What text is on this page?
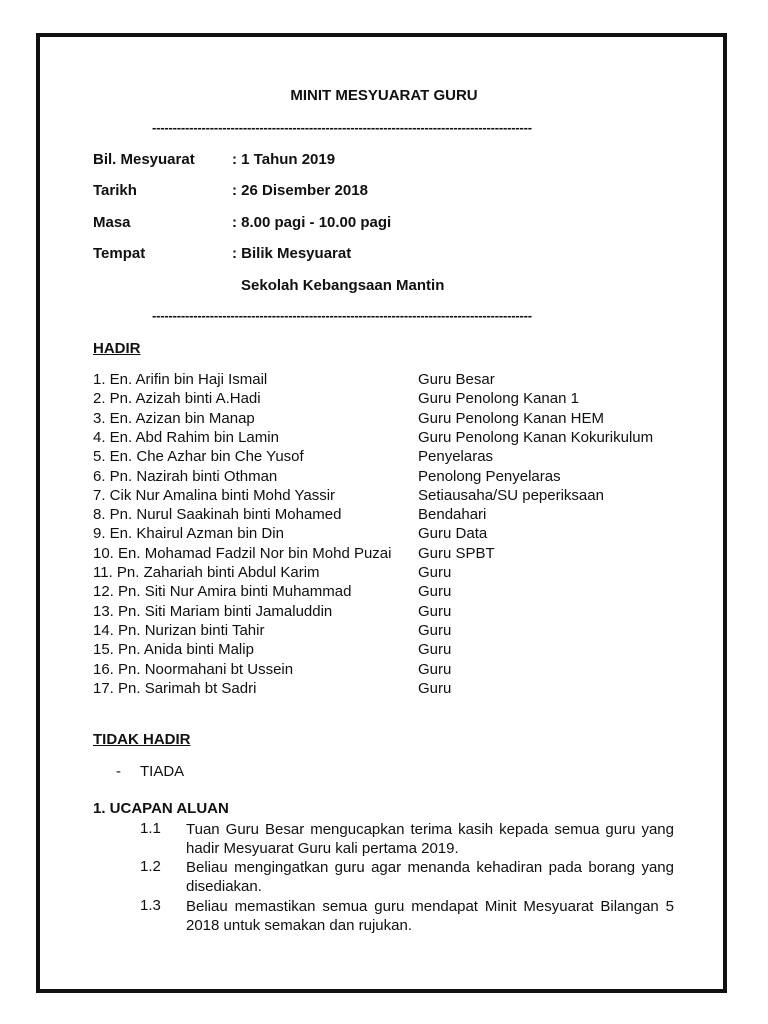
MINIT MESYUARAT GURU
--------------------------------------------------------------------------------------------
Bil. Mesyuarat : 1 Tahun 2019
Tarikh	: 26 Disember 2018
Masa	: 8.00 pagi - 10.00 pagi
Tempat	: Bilik Mesyuarat
Sekolah Kebangsaan Mantin
--------------------------------------------------------------------------------------------
HADIR
1. En. Arifin bin Haji Ismail	Guru Besar
2. Pn. Azizah binti A.Hadi	Guru Penolong Kanan 1
3. En. Azizan bin Manap	Guru Penolong Kanan HEM
4. En. Abd Rahim bin Lamin	Guru Penolong Kanan Kokurikulum
5. En. Che Azhar bin Che Yusof	Penyelaras
6. Pn. Nazirah binti Othman	Penolong Penyelaras
7. Cik Nur Amalina binti Mohd Yassir	Setiausaha/SU peperiksaan
8. Pn. Nurul Saakinah binti Mohamed	Bendahari
9. En. Khairul Azman bin Din	Guru Data
10. En. Mohamad Fadzil Nor bin Mohd Puzai Guru SPBT
11. Pn. Zahariah binti Abdul Karim	Guru
12. Pn. Siti Nur Amira binti Muhammad	Guru
13. Pn. Siti Mariam binti Jamaluddin	Guru
14. Pn. Nurizan binti Tahir	Guru
15. Pn. Anida binti Malip	Guru
16. Pn. Noormahani bt Ussein	Guru
17. Pn. Sarimah bt Sadri	Guru
TIDAK HADIR
- TIADA
1. UCAPAN ALUAN
1.1 Tuan Guru Besar mengucapkan terima kasih kepada semua guru yang hadir Mesyuarat Guru kali pertama 2019.
1.2 Beliau mengingatkan guru agar menanda kehadiran pada borang yang disediakan.
1.3 Beliau memastikan semua guru mendapat Minit Mesyuarat Bilangan 5 2018 untuk semakan dan rujukan.
